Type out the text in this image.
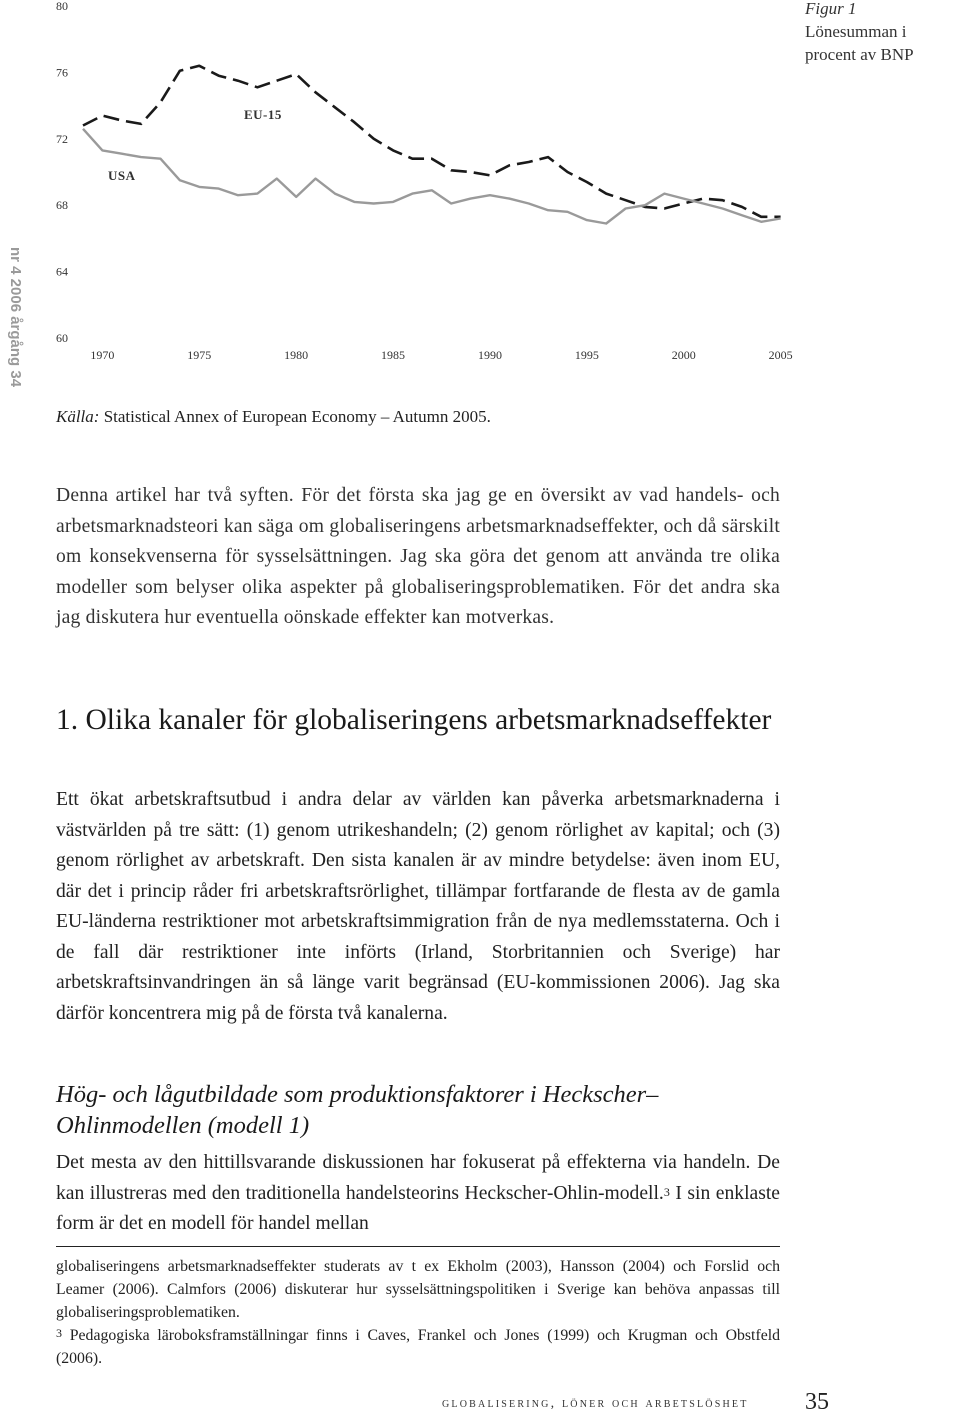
nr 4 2006 årgång 34
80
76
72
68
64
60
1970	1975	1980	1985	1990	1995	2000	2005
EU-15
USA
Figur 1
Lönesumman i procent av BNP
Källa: Statistical Annex of European Economy – Autumn 2005.

Denna artikel har två syften. För det första ska jag ge en översikt av vad handels- och arbetsmarknadsteori kan säga om globaliseringens arbetsmarknadseffekter, och då särskilt om konsekvenserna för sysselsättningen. Jag ska göra det genom att använda tre olika modeller som belyser olika aspekter på globaliseringsproblematiken. För det andra ska jag diskutera hur eventuella oönskade effekter kan motverkas.

1. Olika kanaler för globaliseringens arbetsmarknadseffekter

Ett ökat arbetskraftsutbud i andra delar av världen kan påverka arbetsmarknaderna i västvärlden på tre sätt: (1) genom utrikeshandeln; (2) genom rörlighet av kapital; och (3) genom rörlighet av arbetskraft. Den sista kanalen är av mindre betydelse: även inom EU, där det i princip råder fri arbetskraftsrörlighet, tillämpar fortfarande de flesta av de gamla EU-länderna restriktioner mot arbetskraftsimmigration från de nya medlemsstaterna. Och i de fall där restriktioner inte införts (Irland, Storbritannien och Sverige) har arbetskraftsinvandringen än så länge varit begränsad (EU-kommissionen 2006). Jag ska därför koncentrera mig på de första två kanalerna.

Hög- och lågutbildade som produktionsfaktorer i Heckscher–Ohlinmodellen (modell 1)

Det mesta av den hittillsvarande diskussionen har fokuserat på effekterna via handeln. De kan illustreras med den traditionella handelsteorins Heckscher-Ohlin-modell.$^3$ I sin enklaste form är det en modell för handel mellan

globaliseringens arbetsmarknadseffekter studerats av t ex Ekholm (2003), Hansson (2004) och Forslid och Leamer (2006). Calmfors (2006) diskuterar hur sysselsättningspolitiken i Sverige kan behöva anpassas till globaliseringsproblematiken.

$^3$ Pedagogiska läroboksframställningar finns i Caves, Frankel och Jones (1999) och Krugman och Obstfeld (2006).

globalisering, löner och arbetslöshet 35
